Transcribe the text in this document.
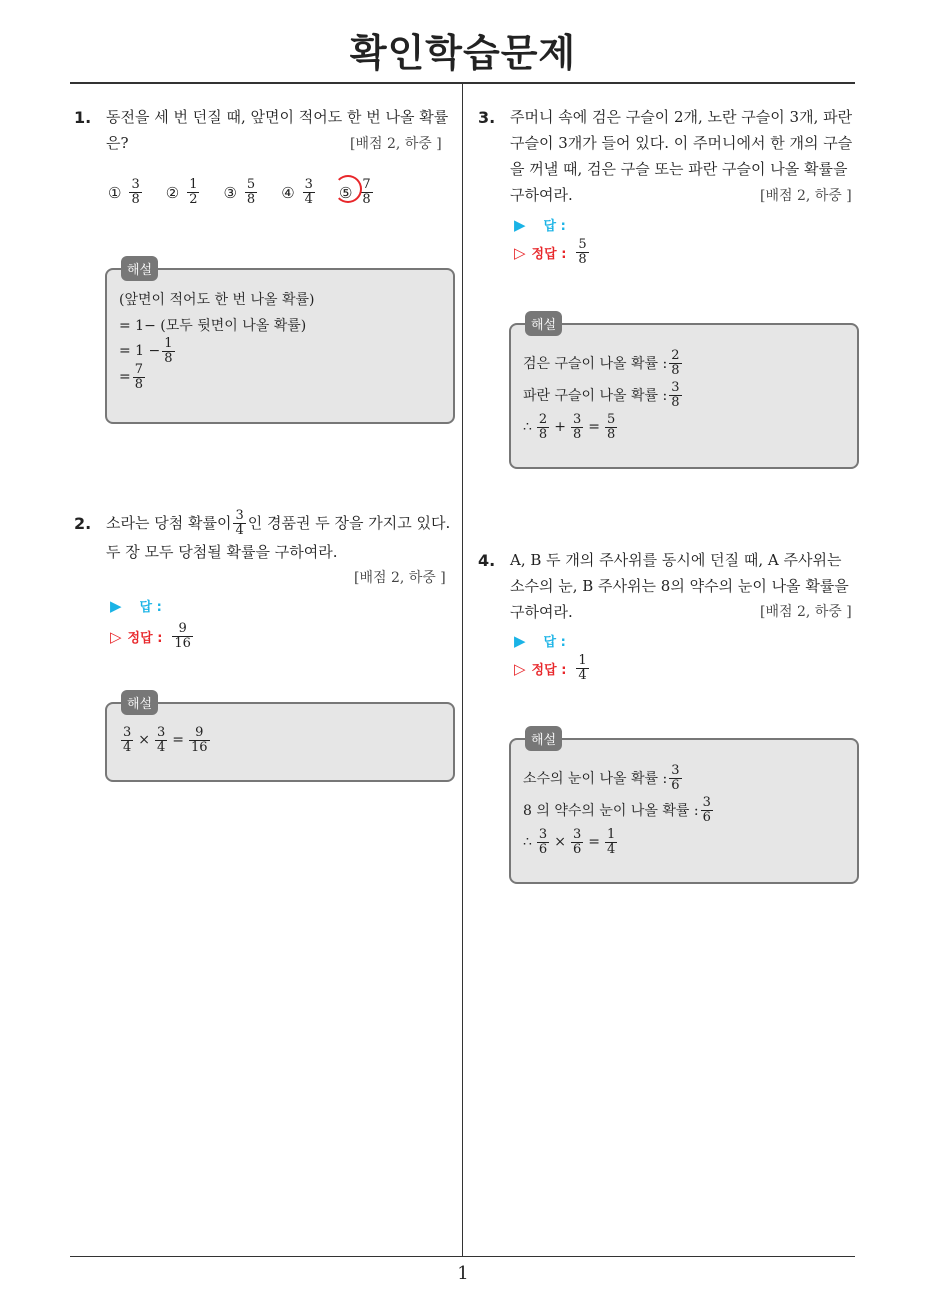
확인학습문제
1
1. 동전을 세 번 던질 때, 앞면이 적어도 한 번 나올 확률
은?	[배점 2, 하중 ]
① $\frac{3}{8}$ ② $\frac{1}{2}$ ③ $\frac{5}{8}$ ④ $\frac{3}{4}$ ⑤ $\frac{7}{8}$
해설
(앞면이 적어도 한 번 나올 확률)
= 1− (모두 뒷면이 나올 확률)
= $1 - \frac{1}{8}$
= $\frac{7}{8}$
2. 소라는 당첨 확률이 $\frac{3}{4}$ 인 경품권 두 장을 가지고 있다.
두 장 모두 당첨될 확률을 구하여라.
[배점 2, 하중 ]
▶ 답 :
▷ 정답 : $\frac{9}{16}$
해설
$\frac{3}{4} \times \frac{3}{4} = \frac{9}{16}$
3. 주머니 속에 검은 구슬이 2개, 노란 구슬이 3개, 파란
구슬이 3개가 들어 있다. 이 주머니에서 한 개의 구슬
을 꺼낼 때, 검은 구슬 또는 파란 구슬이 나올 확률을
구하여라.	[배점 2, 하중 ]
▶ 답 :
▷ 정답 : $\frac{5}{8}$
해설
검은 구슬이 나올 확률 : $\frac{2}{8}$
파란 구슬이 나올 확률 : $\frac{3}{8}$
∴ $\frac{2}{8} + \frac{3}{8} = \frac{5}{8}$
4. A, B 두 개의 주사위를 동시에 던질 때, A 주사위는
소수의 눈, B 주사위는 8의 약수의 눈이 나올 확률을
구하여라.	[배점 2, 하중 ]
▶ 답 :
▷ 정답 : $\frac{1}{4}$
해설
소수의 눈이 나올 확률 : $\frac{3}{6}$
8 의 약수의 눈이 나올 확률 : $\frac{3}{6}$
∴ $\frac{3}{6} \times \frac{3}{6} = \frac{1}{4}$
